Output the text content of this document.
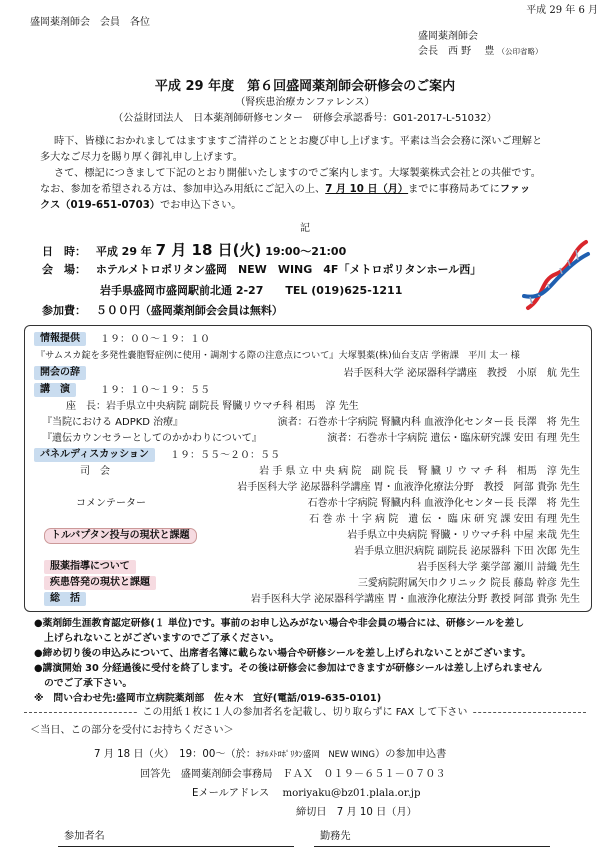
平成 29 年 6 月
盛岡薬剤師会　会員　各位
盛岡薬剤師会
会長　西 野　 豊 （公印省略）
平成 29 年度　第６回盛岡薬剤師会研修会のご案内
（腎疾患治療カンファレンス）
（公益財団法人　日本薬剤師研修センター　研修会承認番号：G01-2017-L-51032）
時下、皆様におかれましてはますますご清祥のこととお慶び申し上げます。平素は当会会務に深いご理解と
多大なご尽力を賜り厚く御礼申し上げます。
さて、標記につきまして下記のとおり開催いたしますのでご案内します。大塚製薬株式会社との共催です。
なお、参加を希望される方は、参加申込み用紙にご記入の上、7 月 10 日（月）までに事務局あてにファッ
クス（019-651-0703）でお申込下さい。
記
日　時： 平成 29 年 7 月 18 日(火) 19:00～21:00
会　場： ホテルメトロポリタン盛岡　NEW　WING　4F「メトロポリタンホール西」
岩手県盛岡市盛岡駅前北通 2-27　　TEL (019)625-1211
参加費： ５００円（盛岡薬剤師会会員は無料）
情報提供	１９：００～１９：１０
『サムスカ錠を多発性嚢胞腎症例に使用・調剤する際の注意点について』大塚製薬(株)仙台支店 学術課　平川 太一 様
開会の辞	岩手医科大学 泌尿器科学講座　教授　小原　航 先生
講　演	１９：１０～１９：５５
座　長：岩手県立中央病院 副院長 腎臓リウマチ科 相馬　淳 先生
『当院における ADPKD 治療』	演者：石巻赤十字病院 腎臓内科 血液浄化センター長 長澤　将 先生
『遺伝カウンセラーとしてのかかわりについて』	演者：石巻赤十字病院 遺伝・臨床研究課 安田 有理 先生
パネルディスカッション	１９：５５～２０：５５
司　会	岩 手 県 立 中 央 病 院　副 院 長　腎 臓 リ ウ マ チ 科　相馬　淳 先生
岩手医科大学 泌尿器科学講座 胃・血液浄化療法分野　教授　阿部 貴弥 先生
コメンテーター	石巻赤十字病院 腎臓内科 血液浄化センター長 長澤　将 先生
石 巻 赤 十 字 病 院　遺 伝 ・ 臨 床 研 究 課 安田 有理 先生
トルバプタン投与の現状と課題	岩手県立中央病院 腎臓・リウマチ科 中屋 来哉 先生
岩手県立胆沢病院 副院長 泌尿器科 下田 次郎 先生
服薬指導について	岩手医科大学 薬学部 瀬川 詩織 先生
疾患啓発の現状と課題	三愛病院附属矢巾クリニック 院長 藤島 幹彦 先生
総　括	岩手医科大学 泌尿器科学講座 胃・血液浄化療法分野 教授 阿部 貴弥 先生
●薬剤師生涯教育認定研修(１ 単位)です。事前のお申し込みがない場合や非会員の場合には、研修シールを差し
上げられないことがございますのでご了承ください。
●締め切り後の申込みについて、出席者名簿に載らない場合や研修シールを差し上げられないことがございます。
●講演開始 30 分経過後に受付を終了します。その後は研修会に参加はできますが研修シールは差し上げられません
のでご了承下さい。
※　問い合わせ先:盛岡市立病院薬剤部　佐々木　宜好(電話/019-635-0101)
この用紙１枚に１人の参加者名を記載し、切り取らずに FAX して下さい
＜当日、この部分を受付にお持ちください＞
7 月 18 日（火）　19：00～（於：ﾎﾃﾙﾒﾄﾛﾎﾟﾘﾀﾝ盛岡　NEW WING）の参加申込書
回答先　盛岡薬剤師会事務局　ＦＡＸ　０１９－６５１－０７０３
Eメールアドレス moriyaku@bz01.plala.or.jp
締切日　7 月 10 日（月）
参加者名	勤務先
